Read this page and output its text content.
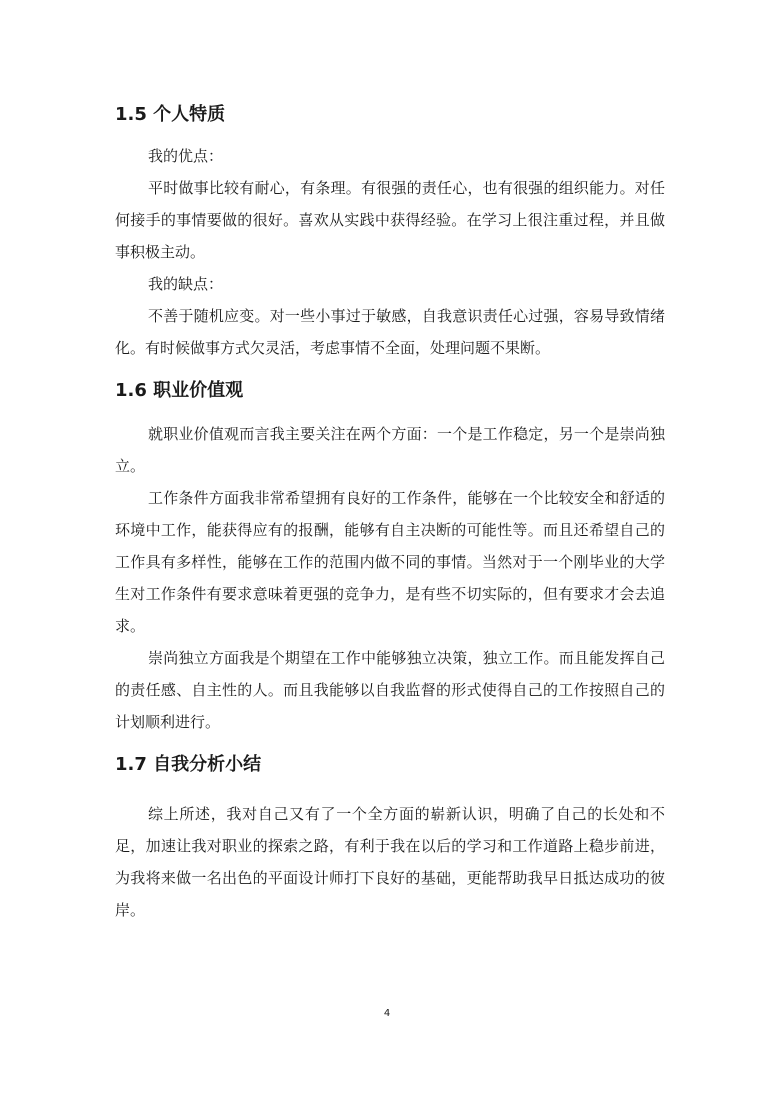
1.5 个人特质

我的优点：

平时做事比较有耐心，有条理。有很强的责任心，也有很强的组织能力。对任何接手的事情要做的很好。喜欢从实践中获得经验。在学习上很注重过程，并且做事积极主动。

我的缺点：

不善于随机应变。对一些小事过于敏感，自我意识责任心过强，容易导致情绪化。有时候做事方式欠灵活，考虑事情不全面，处理问题不果断。

1.6 职业价值观

就职业价值观而言我主要关注在两个方面：一个是工作稳定，另一个是崇尚独立。

工作条件方面我非常希望拥有良好的工作条件，能够在一个比较安全和舒适的环境中工作，能获得应有的报酬，能够有自主决断的可能性等。而且还希望自己的工作具有多样性，能够在工作的范围内做不同的事情。当然对于一个刚毕业的大学生对工作条件有要求意味着更强的竞争力，是有些不切实际的，但有要求才会去追求。

崇尚独立方面我是个期望在工作中能够独立决策，独立工作。而且能发挥自己的责任感、自主性的人。而且我能够以自我监督的形式使得自己的工作按照自己的计划顺利进行。

1.7 自我分析小结

综上所述，我对自己又有了一个全方面的崭新认识，明确了自己的长处和不足，加速让我对职业的探索之路，有利于我在以后的学习和工作道路上稳步前进，为我将来做一名出色的平面设计师打下良好的基础，更能帮助我早日抵达成功的彼岸。

4
